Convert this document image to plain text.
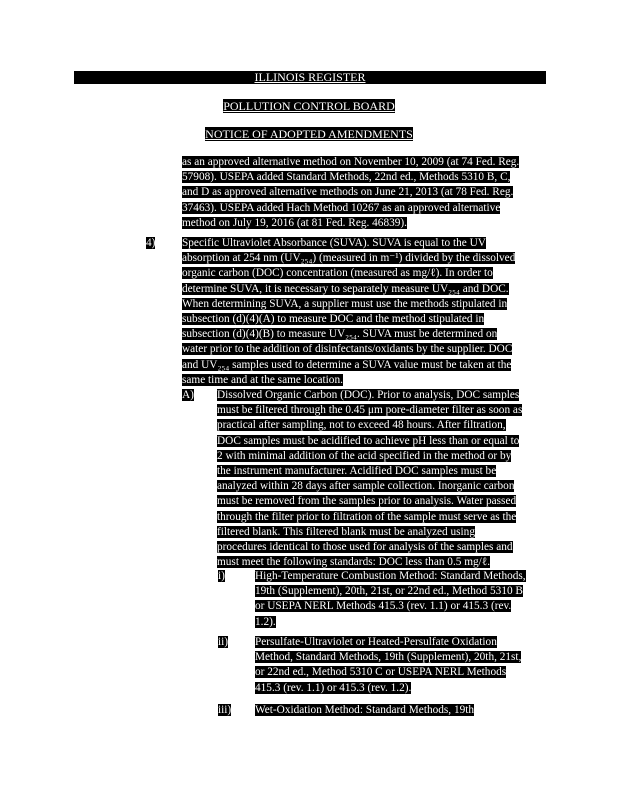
ILLINOIS REGISTER
POLLUTION CONTROL BOARD
NOTICE OF ADOPTED AMENDMENTS
as an approved alternative method on November 10, 2009 (at 74 Fed. Reg.
57908). USEPA added Standard Methods, 22nd ed., Methods 5310 B, C,
and D as approved alternative methods on June 21, 2013 (at 78 Fed. Reg.
37463). USEPA added Hach Method 10267 as an approved alternative
method on July 19, 2016 (at 81 Fed. Reg. 46839).
4) Specific Ultraviolet Absorbance (SUVA). SUVA is equal to the UV
absorption at 254 nm (UV₂₅₄) (measured in m⁻¹) divided by the dissolved
organic carbon (DOC) concentration (measured as mg/ℓ). In order to
determine SUVA, it is necessary to separately measure UV₂₅₄ and DOC.
When determining SUVA, a supplier must use the methods stipulated in
subsection (d)(4)(A) to measure DOC and the method stipulated in
subsection (d)(4)(B) to measure UV₂₅₄. SUVA must be determined on
water prior to the addition of disinfectants/oxidants by the supplier. DOC
and UV₂₅₄ samples used to determine a SUVA value must be taken at the
same time and at the same location.
A) Dissolved Organic Carbon (DOC). Prior to analysis, DOC samples
must be filtered through the 0.45 μm pore-diameter filter as soon as
practical after sampling, not to exceed 48 hours. After filtration,
DOC samples must be acidified to achieve pH less than or equal to
2 with minimal addition of the acid specified in the method or by
the instrument manufacturer. Acidified DOC samples must be
analyzed within 28 days after sample collection. Inorganic carbon
must be removed from the samples prior to analysis. Water passed
through the filter prior to filtration of the sample must serve as the
filtered blank. This filtered blank must be analyzed using
procedures identical to those used for analysis of the samples and
must meet the following standards: DOC less than 0.5 mg/ℓ.
i)	High-Temperature Combustion Method: Standard Methods,
19th (Supplement), 20th, 21st, or 22nd ed., Method 5310 B
or USEPA NERL Methods 415.3 (rev. 1.1) or 415.3 (rev.
1.2).
ii) Persulfate-Ultraviolet or Heated-Persulfate Oxidation
Method, Standard Methods, 19th (Supplement), 20th, 21st,
or 22nd ed., Method 5310 C or USEPA NERL Methods
415.3 (rev. 1.1) or 415.3 (rev. 1.2).
iii) Wet-Oxidation Method: Standard Methods, 19th
